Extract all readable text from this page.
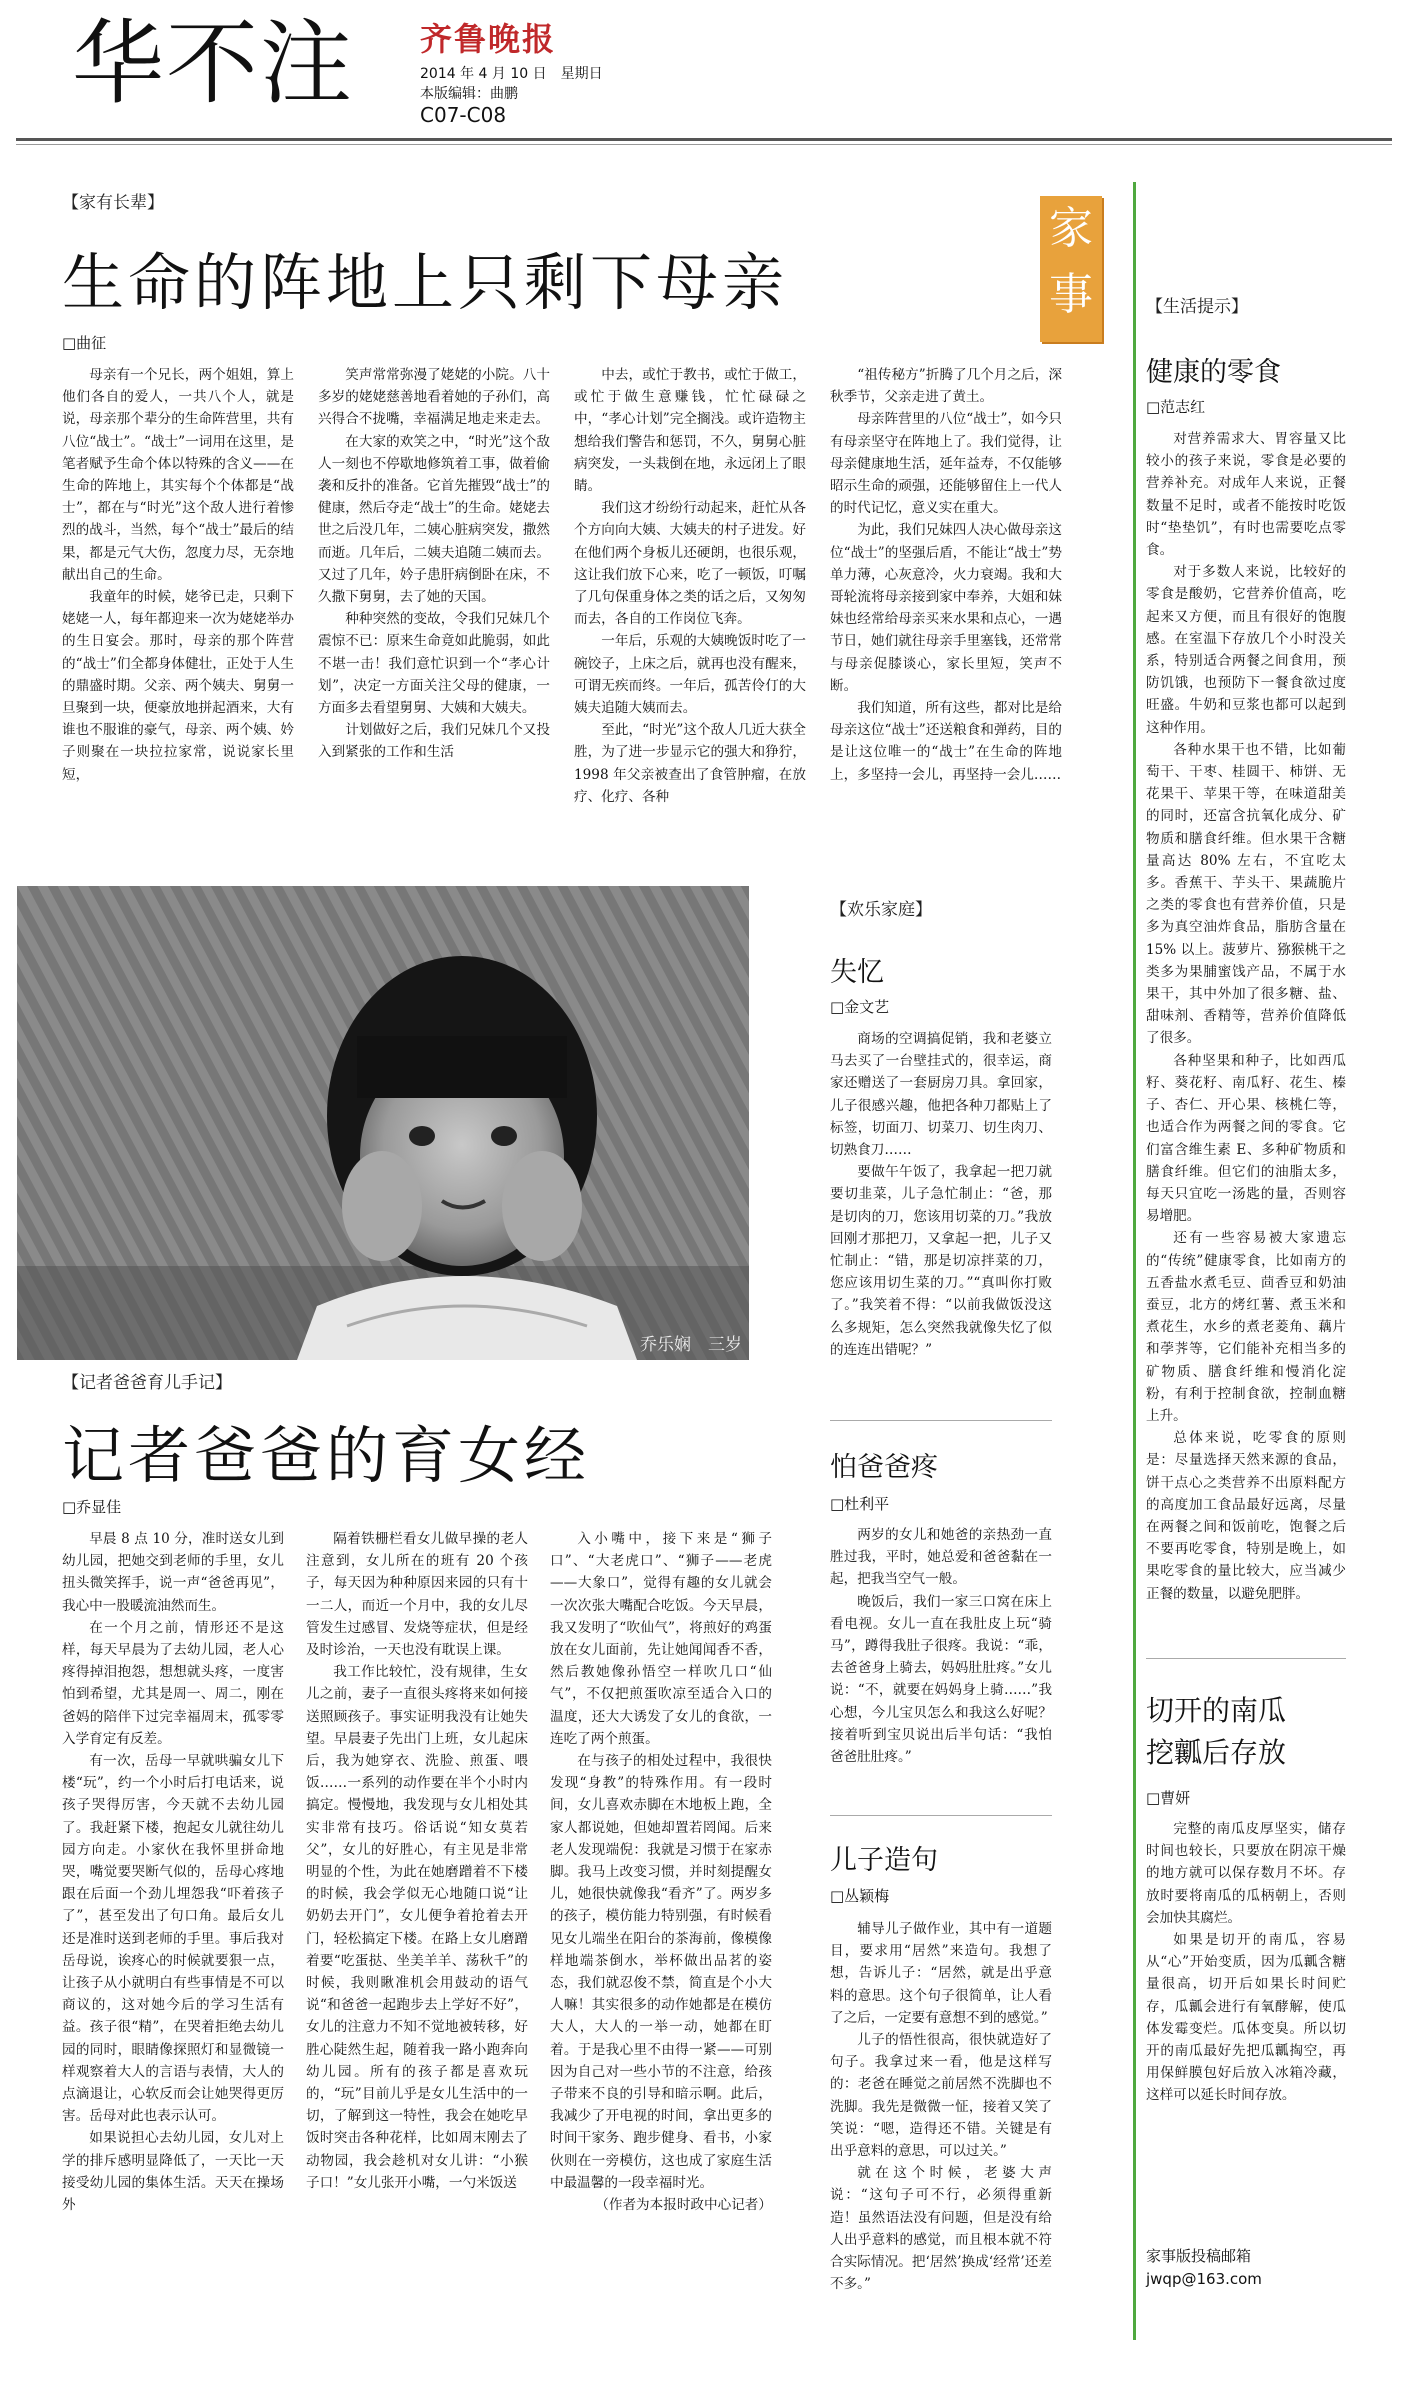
华不注 齐鲁晚报
2014 年 4 月 10 日　星期日
本版编辑：曲鹏
C07-C08
【家有长辈】
生命的阵地上只剩下母亲
□曲征
家
事

母亲有一个兄长，两个姐姐，算上他们各自的爱人，一共八个人，就是说，母亲那个辈分的生命阵营里，共有八位“战士”。“战士”一词用在这里，是笔者赋予生命个体以特殊的含义——在生命的阵地上，其实每个个体都是“战士”，都在与“时光”这个敌人进行着惨烈的战斗，当然，每个“战士”最后的结果，都是元气大伤，忽度力尽，无奈地献出自己的生命。

我童年的时候，姥爷已走，只剩下姥姥一人，每年都迎来一次为姥姥举办的生日宴会。那时，母亲的那个阵营的“战士”们全都身体健壮，正处于人生的鼎盛时期。父亲、两个姨夫、舅舅一旦聚到一块，便豪放地拼起酒来，大有谁也不服谁的豪气，母亲、两个姨、妗子则聚在一块拉拉家常，说说家长里短，

笑声常常弥漫了姥姥的小院。八十多岁的姥姥慈善地看着她的子孙们，高兴得合不拢嘴，幸福满足地走来走去。

在大家的欢笑之中，“时光”这个敌人一刻也不停歇地修筑着工事，做着偷袭和反扑的准备。它首先摧毁“战士”的健康，然后夺走“战士”的生命。姥姥去世之后没几年，二姨心脏病突发，撒然而逝。几年后，二姨夫追随二姨而去。又过了几年，妗子患肝病倒卧在床，不久撒下舅舅，去了她的天国。

种种突然的变故，令我们兄妹几个震惊不已：原来生命竟如此脆弱，如此不堪一击！我们意忙识到一个“孝心计划”，决定一方面关注父母的健康，一方面多去看望舅舅、大姨和大姨夫。

计划做好之后，我们兄妹几个又投入到紧张的工作和生活

中去，或忙于教书，或忙于做工，或忙于做生意赚钱，忙忙碌碌之中，“孝心计划”完全搁浅。或许造物主想给我们警告和惩罚，不久，舅舅心脏病突发，一头栽倒在地，永远闭上了眼睛。

我们这才纷纷行动起来，赶忙从各个方向向大姨、大姨夫的村子进发。好在他们两个身板儿还硬朗，也很乐观，这让我们放下心来，吃了一顿饭，叮嘱了几句保重身体之类的话之后，又匆匆而去，各自的工作岗位飞奔。

一年后，乐观的大姨晚饭时吃了一碗饺子，上床之后，就再也没有醒来，可谓无疾而终。一年后，孤苦伶仃的大姨夫追随大姨而去。

至此，“时光”这个敌人几近大获全胜，为了进一步显示它的强大和狰狞，1998 年父亲被查出了食管肿瘤，在放疗、化疗、各种

“祖传秘方”折腾了几个月之后，深秋季节，父亲走进了黄土。

母亲阵营里的八位“战士”，如今只有母亲坚守在阵地上了。我们觉得，让母亲健康地生活，延年益寿，不仅能够昭示生命的顽强，还能够留住上一代人的时代记忆，意义实在重大。

为此，我们兄妹四人决心做母亲这位“战士”的坚强后盾，不能让“战士”势单力薄，心灰意冷，火力衰竭。我和大哥轮流将母亲接到家中奉养，大姐和妹妹也经常给母亲买来水果和点心，一遇节日，她们就往母亲手里塞钱，还常常与母亲促膝谈心，家长里短，笑声不断。

我们知道，所有这些，都对比是给母亲这位“战士”还送粮食和弹药，目的是让这位唯一的“战士”在生命的阵地上，多坚持一会儿，再坚持一会儿……

乔乐娴　三岁
【记者爸爸育儿手记】
记者爸爸的育女经
□乔显佳

早晨 8 点 10 分，准时送女儿到幼儿园，把她交到老师的手里，女儿扭头微笑挥手，说一声“爸爸再见”，我心中一股暖流油然而生。

在一个月之前，情形还不是这样，每天早晨为了去幼儿园，老人心疼得掉泪抱怨，想想就头疼，一度害怕到希望，尤其是周一、周二，刚在爸妈的陪伴下过完幸福周末，孤零零入学育定有反差。

有一次，岳母一早就哄骗女儿下楼“玩”，约一个小时后打电话来，说孩子哭得厉害，今天就不去幼儿园了。我赶紧下楼，抱起女儿就往幼儿园方向走。小家伙在我怀里拼命地哭，嘴觉要哭断气似的，岳母心疼地跟在后面一个劲儿埋怨我“吓着孩子了”，甚至发出了句口角。最后女儿还是准时送到老师的手里。事后我对岳母说，诶疼心的时候就要狠一点，让孩子从小就明白有些事情是不可以商议的，这对她今后的学习生活有益。孩子很“精”，在哭着拒绝去幼儿园的同时，眼睛像探照灯和显微镜一样观察着大人的言语与表情，大人的点滴退让，心软反而会让她哭得更厉害。岳母对此也表示认可。

如果说担心去幼儿园，女儿对上学的排斥感明显降低了，一天比一天接受幼儿园的集体生活。天天在操场外

隔着铁栅栏看女儿做早操的老人注意到，女儿所在的班有 20 个孩子，每天因为种种原因来园的只有十一二人，而近一个月中，我的女儿尽管发生过感冒、发烧等症状，但是经及时诊治，一天也没有耽误上课。

我工作比较忙，没有规律，生女儿之前，妻子一直很头疼将来如何接送照顾孩子。事实证明我没有让她失望。早晨妻子先出门上班，女儿起床后，我为她穿衣、洗脸、煎蛋、喂饭……一系列的动作要在半个小时内搞定。慢慢地，我发现与女儿相处其实非常有技巧。俗话说“知女莫若父”，女儿的好胜心，有主见是非常明显的个性，为此在她磨蹭着不下楼的时候，我会学似无心地随口说“让奶奶去开门”，女儿便争着抢着去开门，轻松搞定下楼。在路上女儿磨蹭着要“吃蛋挞、坐美羊羊、荡秋千”的时候，我则瞅准机会用鼓动的语气说“和爸爸一起跑步去上学好不好”，女儿的注意力不知不觉地被转移，好胜心陡然生起，随着我一路小跑奔向幼儿园。所有的孩子都是喜欢玩的，“玩”目前儿乎是女儿生活中的一切，了解到这一特性，我会在她吃早饭时突击各种花样，比如周末刚去了动物园，我会趁机对女儿讲：“小猴子口！”女儿张开小嘴，一勺米饭送

入小嘴中，接下来是“狮子口”、“大老虎口”、“狮子——老虎——大象口”，觉得有趣的女儿就会一次次张大嘴配合吃饭。今天早晨，我又发明了“吹仙气”，将煎好的鸡蛋放在女儿面前，先让她闻闻香不香，然后教她像孙悟空一样吹几口“仙气”，不仅把煎蛋吹凉至适合入口的温度，还大大诱发了女儿的食欲，一连吃了两个煎蛋。

在与孩子的相处过程中，我很快发现“身教”的特殊作用。有一段时间，女儿喜欢赤脚在木地板上跑，全家人都说她，但她却置若罔闻。后来老人发现端倪：我就是习惯于在家赤脚。我马上改变习惯，并时刻提醒女儿，她很快就像我“看齐”了。两岁多的孩子，模仿能力特别强，有时候看见女儿端坐在阳台的茶海前，像模像样地端茶倒水，举杯做出品茗的姿态，我们就忍俊不禁，简直是个小大人嘛！其实很多的动作她都是在模仿大人，大人的一举一动，她都在盯着。于是我心里不由得一紧——可别因为自己对一些小节的不注意，给孩子带来不良的引导和暗示啊。此后，我减少了开电视的时间，拿出更多的时间干家务、跑步健身、看书，小家伙则在一旁模仿，这也成了家庭生活中最温馨的一段幸福时光。

（作者为本报时政中心记者）

【欢乐家庭】
失忆
□金文艺

商场的空调搞促销，我和老婆立马去买了一台壁挂式的，很幸运，商家还赠送了一套厨房刀具。拿回家，儿子很感兴趣，他把各种刀都贴上了标签，切面刀、切菜刀、切生肉刀、切熟食刀……

要做午午饭了，我拿起一把刀就要切韭菜，儿子急忙制止：“爸，那是切肉的刀，您该用切菜的刀。”我放回刚才那把刀，又拿起一把，儿子又忙制止：“错，那是切凉拌菜的刀，您应该用切生菜的刀。”“真叫你打败了。”我笑着不得：“以前我做饭没这么多规矩，怎么突然我就像失忆了似的连连出错呢？”

怕爸爸疼
□杜利平

两岁的女儿和她爸的亲热劲一直胜过我，平时，她总爱和爸爸黏在一起，把我当空气一般。

晚饭后，我们一家三口窝在床上看电视。女儿一直在我肚皮上玩“骑马”，蹲得我肚子很疼。我说：“乖，去爸爸身上骑去，妈妈肚肚疼。”女儿说：“不，就要在妈妈身上骑……”我心想，今儿宝贝怎么和我这么好呢？接着听到宝贝说出后半句话：“我怕爸爸肚肚疼。”

儿子造句
□丛颖梅

辅导儿子做作业，其中有一道题目，要求用“居然”来造句。我想了想，告诉儿子：“居然，就是出乎意料的意思。这个句子很简单，让人看了之后，一定要有意想不到的感觉。”

儿子的悟性很高，很快就造好了句子。我拿过来一看，他是这样写的：老爸在睡觉之前居然不洗脚也不洗脚。我先是微微一怔，接着又笑了笑说：“嗯，造得还不错。关键是有出乎意料的意思，可以过关。”

就在这个时候，老婆大声说：“这句子可不行，必须得重新造！虽然语法没有问题，但是没有给人出乎意料的感觉，而且根本就不符合实际情况。把‘居然’换成‘经常’还差不多。”

【生活提示】
健康的零食
□范志红

对营养需求大、胃容量又比较小的孩子来说，零食是必要的营养补充。对成年人来说，正餐数量不足时，或者不能按时吃饭时“垫垫饥”，有时也需要吃点零食。

对于多数人来说，比较好的零食是酸奶，它营养价值高，吃起来又方便，而且有很好的饱腹感。在室温下存放几个小时没关系，特别适合两餐之间食用，预防饥饿，也预防下一餐食欲过度旺盛。牛奶和豆浆也都可以起到这种作用。

各种水果干也不错，比如葡萄干、干枣、桂圆干、柿饼、无花果干、苹果干等，在味道甜美的同时，还富含抗氧化成分、矿物质和膳食纤维。但水果干含糖量高达 80% 左右，不宜吃太多。香蕉干、芋头干、果蔬脆片之类的零食也有营养价值，只是多为真空油炸食品，脂肪含量在 15% 以上。菠萝片、猕猴桃干之类多为果脯蜜饯产品，不属于水果干，其中外加了很多糖、盐、甜味剂、香精等，营养价值降低了很多。

各种坚果和种子，比如西瓜籽、葵花籽、南瓜籽、花生、榛子、杏仁、开心果、核桃仁等，也适合作为两餐之间的零食。它们富含维生素 E、多种矿物质和膳食纤维。但它们的油脂太多，每天只宜吃一汤匙的量，否则容易增肥。

还有一些容易被大家遗忘的“传统”健康零食，比如南方的五香盐水煮毛豆、茴香豆和奶油蚕豆，北方的烤红薯、煮玉米和煮花生，水乡的煮老菱角、藕片和荸荠等，它们能补充相当多的矿物质、膳食纤维和慢消化淀粉，有利于控制食欲，控制血糖上升。

总体来说，吃零食的原则是：尽量选择天然来源的食品，饼干点心之类营养不出原料配方的高度加工食品最好远离，尽量在两餐之间和饭前吃，饱餐之后不要再吃零食，特别是晚上，如果吃零食的量比较大，应当减少正餐的数量，以避免肥胖。

切开的南瓜
挖瓤后存放
□曹妍

完整的南瓜皮厚坚实，储存时间也较长，只要放在阴凉干燥的地方就可以保存数月不坏。存放时要将南瓜的瓜柄朝上，否则会加快其腐烂。

如果是切开的南瓜，容易从“心”开始变质，因为瓜瓤含糖量很高，切开后如果长时间贮存，瓜瓤会进行有氧酵解，使瓜体发霉变烂。瓜体变臭。所以切开的南瓜最好先把瓜瓤掏空，再用保鲜膜包好后放入冰箱冷藏，这样可以延长时间存放。

家事版投稿邮箱
jwqp@163.com
